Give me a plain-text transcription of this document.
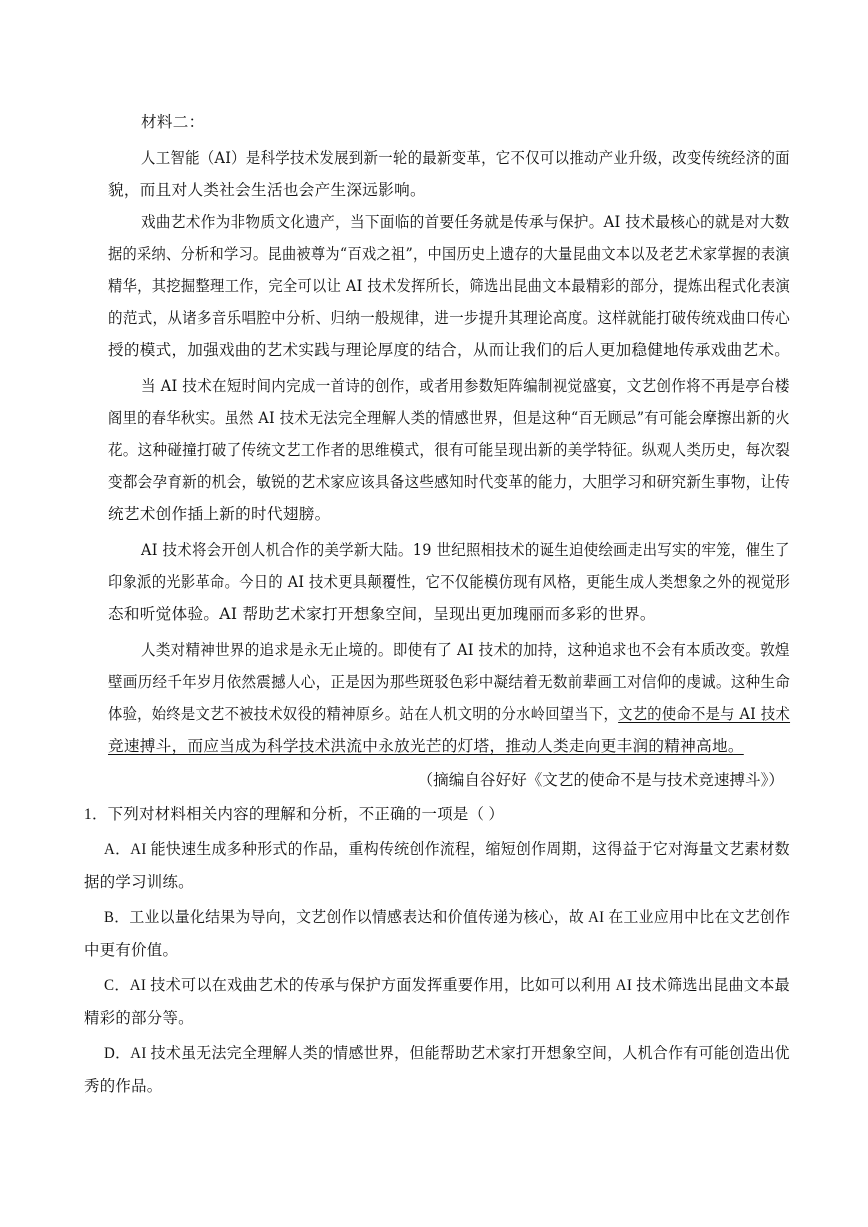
材料二：
人工智能（AI）是科学技术发展到新一轮的最新变革，它不仅可以推动产业升级，改变传统经济的面
貌，而且对人类社会生活也会产生深远影响。
戏曲艺术作为非物质文化遗产，当下面临的首要任务就是传承与保护。AI 技术最核心的就是对大数
据的采纳、分析和学习。昆曲被尊为“百戏之祖”，中国历史上遗存的大量昆曲文本以及老艺术家掌握的表演
精华，其挖掘整理工作，完全可以让 AI 技术发挥所长，筛选出昆曲文本最精彩的部分，提炼出程式化表演
的范式，从诸多音乐唱腔中分析、归纳一般规律，进一步提升其理论高度。这样就能打破传统戏曲口传心
授的模式，加强戏曲的艺术实践与理论厚度的结合，从而让我们的后人更加稳健地传承戏曲艺术。
当 AI 技术在短时间内完成一首诗的创作，或者用参数矩阵编制视觉盛宴，文艺创作将不再是亭台楼
阁里的春华秋实。虽然 AI 技术无法完全理解人类的情感世界，但是这种“百无顾忌”有可能会摩擦出新的火
花。这种碰撞打破了传统文艺工作者的思维模式，很有可能呈现出新的美学特征。纵观人类历史，每次裂
变都会孕育新的机会，敏锐的艺术家应该具备这些感知时代变革的能力，大胆学习和研究新生事物，让传
统艺术创作插上新的时代翅膀。
AI 技术将会开创人机合作的美学新大陆。19 世纪照相技术的诞生迫使绘画走出写实的牢笼，催生了
印象派的光影革命。今日的 AI 技术更具颠覆性，它不仅能模仿现有风格，更能生成人类想象之外的视觉形
态和听觉体验。AI 帮助艺术家打开想象空间，呈现出更加瑰丽而多彩的世界。
人类对精神世界的追求是永无止境的。即使有了 AI 技术的加持，这种追求也不会有本质改变。敦煌
壁画历经千年岁月依然震撼人心，正是因为那些斑驳色彩中凝结着无数前辈画工对信仰的虔诚。这种生命
体验，始终是文艺不被技术奴役的精神原乡。站在人机文明的分水岭回望当下，文艺的使命不是与 AI 技术
竞速搏斗，而应当成为科学技术洪流中永放光芒的灯塔，推动人类走向更丰润的精神高地。
（摘编自谷好好《文艺的使命不是与技术竞速搏斗》）
1．下列对材料相关内容的理解和分析，不正确的一项是（ ）
A．AI 能快速生成多种形式的作品，重构传统创作流程，缩短创作周期，这得益于它对海量文艺素材数
据的学习训练。
B．工业以量化结果为导向，文艺创作以情感表达和价值传递为核心，故 AI 在工业应用中比在文艺创作
中更有价值。
C．AI 技术可以在戏曲艺术的传承与保护方面发挥重要作用，比如可以利用 AI 技术筛选出昆曲文本最
精彩的部分等。
D．AI 技术虽无法完全理解人类的情感世界，但能帮助艺术家打开想象空间，人机合作有可能创造出优
秀的作品。
